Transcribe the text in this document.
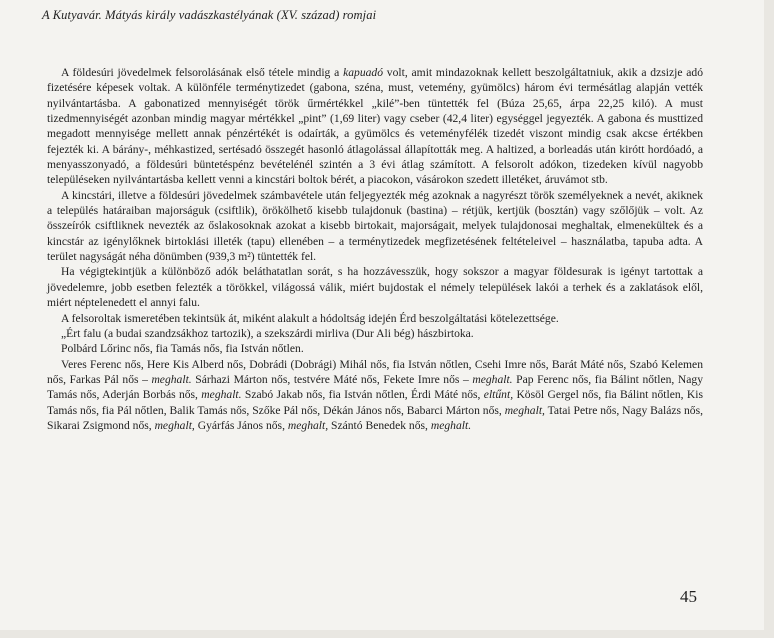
A Kutyavár. Mátyás király vadászkastélyának (XV. század) romjai

A földesúri jövedelmek felsorolásának első tétele mindig a kapuadó volt, amit mindazoknak kellett beszolgáltatniuk, akik a dzsizje adó fizetésére képesek voltak. A különféle terménytizedet (gabona, széna, must, vetemény, gyümölcs) három évi termésátlag alapján vették nyilvántartásba. A gabonatized mennyiségét török űrmértékkel „kilé”-ben tüntették fel (Búza 25,65, árpa 22,25 kiló). A must tizedmennyiségét azonban mindig magyar mértékkel „pint” (1,69 liter) vagy cseber (42,4 liter) egységgel jegyezték. A gabona és musttized megadott mennyisége mellett annak pénzértékét is odaírták, a gyümölcs és veteményfélék tizedét viszont mindig csak akcse értékben fejezték ki. A bárány-, méhkastized, sertésadó összegét hasonló átlagolással állapították meg. A haltized, a borleadás után kirótt hordóadó, a menyasszonyadó, a földesúri büntetéspénz bevételénél szintén a 3 évi átlag számított. A felsorolt adókon, tizedeken kívül nagyobb településeken nyilvántartásba kellett venni a kincstári boltok bérét, a piacokon, vásárokon szedett illetéket, áruvámot stb.

A kincstári, illetve a földesúri jövedelmek számbavétele után feljegyezték még azoknak a nagyrészt török személyeknek a nevét, akiknek a település határaiban majorságuk (csiftlik), örökölhető kisebb tulajdonuk (bastina) – rétjük, kertjük (bosztán) vagy szőlőjük – volt. Az összeírók csiftliknek nevezték az őslakosoknak azokat a kisebb birtokait, majorságait, melyek tulajdonosai meghaltak, elmenekültek és a kincstár az igénylőknek birtoklási illeték (tapu) ellenében – a terménytizedek megfizetésének feltételeivel – használatba, tapuba adta. A terület nagyságát néha dönümben (939,3 m²) tüntették fel.

Ha végigtekintjük a különböző adók beláthatatlan sorát, s ha hozzávesszük, hogy sokszor a magyar földesurak is igényt tartottak a jövedelemre, jobb esetben felezték a törökkel, világossá válik, miért bujdostak el némely települések lakói a terhek és a zaklatások elől, miért néptelenedett el annyi falu.

A felsoroltak ismeretében tekintsük át, miként alakult a hódoltság idején Érd beszolgáltatási kötelezettsége.

„Ért falu (a budai szandzsákhoz tartozik), a szekszárdi mirliva (Dur Ali bég) hászbirtoka.

Polbárd Lőrinc nős, fia Tamás nős, fia István nőtlen.

Veres Ferenc nős, Here Kis Alberd nős, Dobrádi (Dobrági) Mihál nős, fia István nőtlen, Csehi Imre nős, Barát Máté nős, Szabó Kelemen nős, Farkas Pál nős – meghalt. Sárhazi Márton nős, testvére Máté nős, Fekete Imre nős – meghalt. Pap Ferenc nős, fia Bálint nőtlen, Nagy Tamás nős, Aderján Borbás nős, meghalt. Szabó Jakab nős, fia István nőtlen, Érdi Máté nős, eltűnt, Kösöl Gergel nős, fia Bálint nőtlen, Kis Tamás nős, fia Pál nőtlen, Balik Tamás nős, Szőke Pál nős, Dékán János nős, Babarci Márton nős, meghalt, Tatai Petre nős, Nagy Balázs nős, Sikarai Zsigmond nős, meghalt, Gyárfás János nős, meghalt, Szántó Benedek nős, meghalt.

45
